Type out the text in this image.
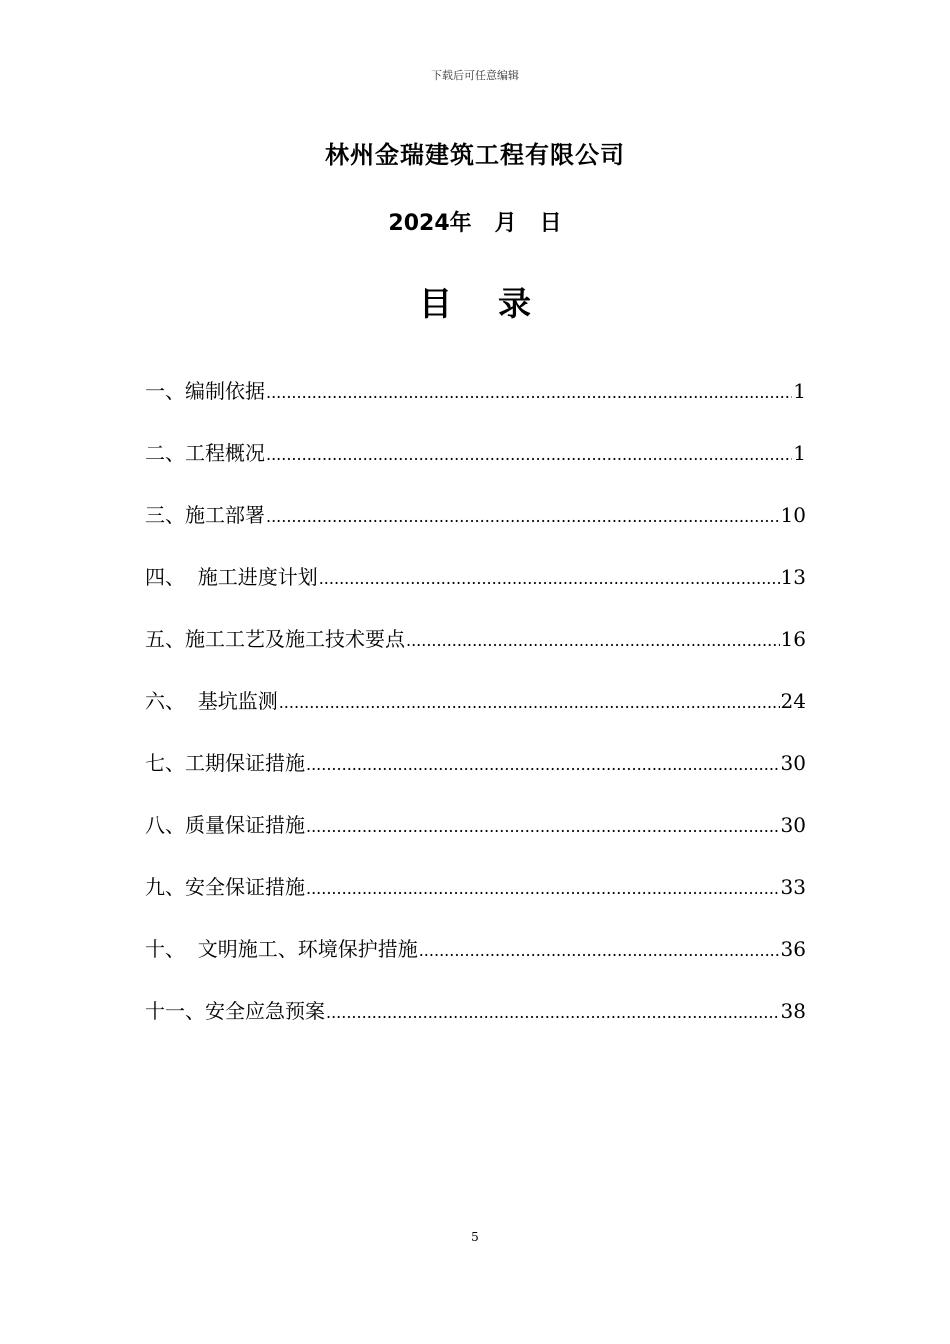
下载后可任意编辑
林州金瑞建筑工程有限公司
2024年   月   日
目    录
一、编制依据 .....	1
二、工程概况 .....	1
三、施工部署 .....	10
四、  施工进度计划 .....	13
五、施工工艺及施工技术要点 .....	16
六、  基坑监测 .....	24
七、工期保证措施 .....	30
八、质量保证措施 .....	30
九、安全保证措施 .....	33
十、  文明施工、环境保护措施 .....	36
十一、安全应急预案 .....	38
5
